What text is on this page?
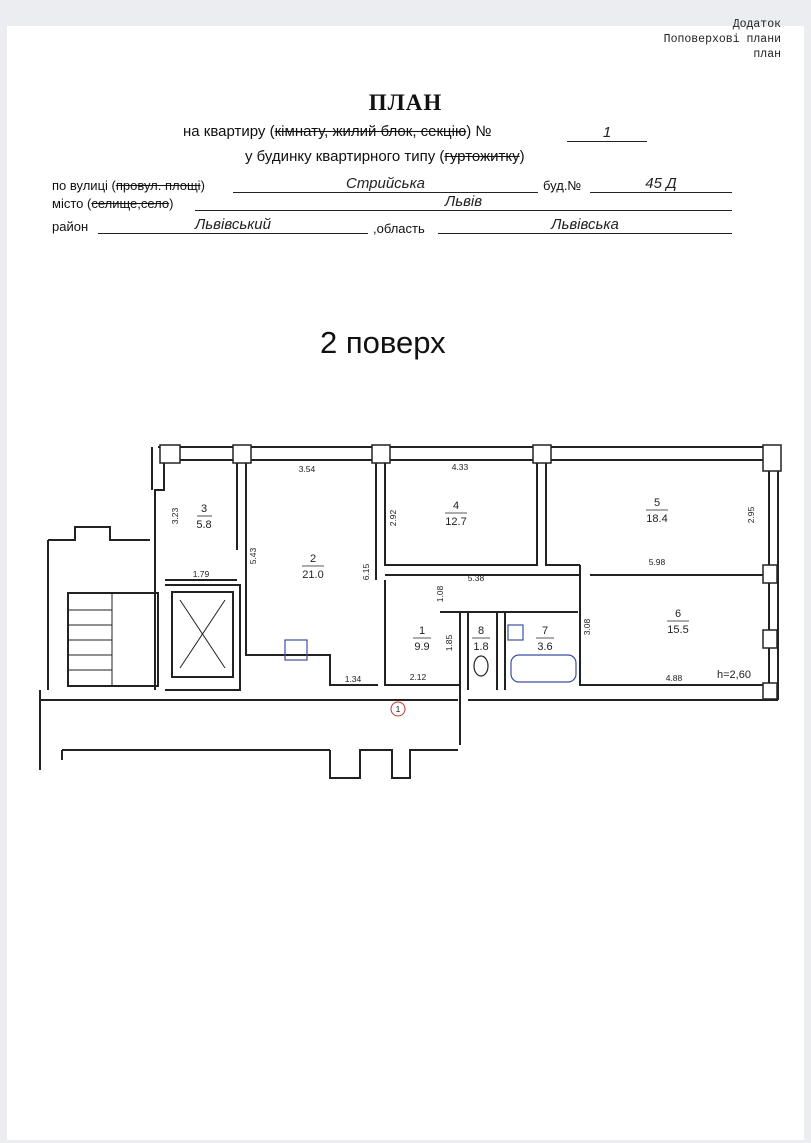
Додаток
Поповерхові плани
план
ПЛАН
на квартиру (кімнату, жилий блок, секцію) №	1
у будинку квартирного типу (гуртожитку)
по вулиці (провул. площі)	Стрийська	буд.№	45 Д
місто (селище,село)	Львів
район	Львівський	,область	Львівська
2 поверх
1
3
5.8
2
21.0
4
12.7
5
18.4
6
15.5
1
9.9
8
1.8
7
3.6
3.54	4.33
3.23	2.92	2.95
5.43
6.15
1.79	5.38
5.98
1.08
3.08
1.85
1.34	2.12	4.88	h=2,60
